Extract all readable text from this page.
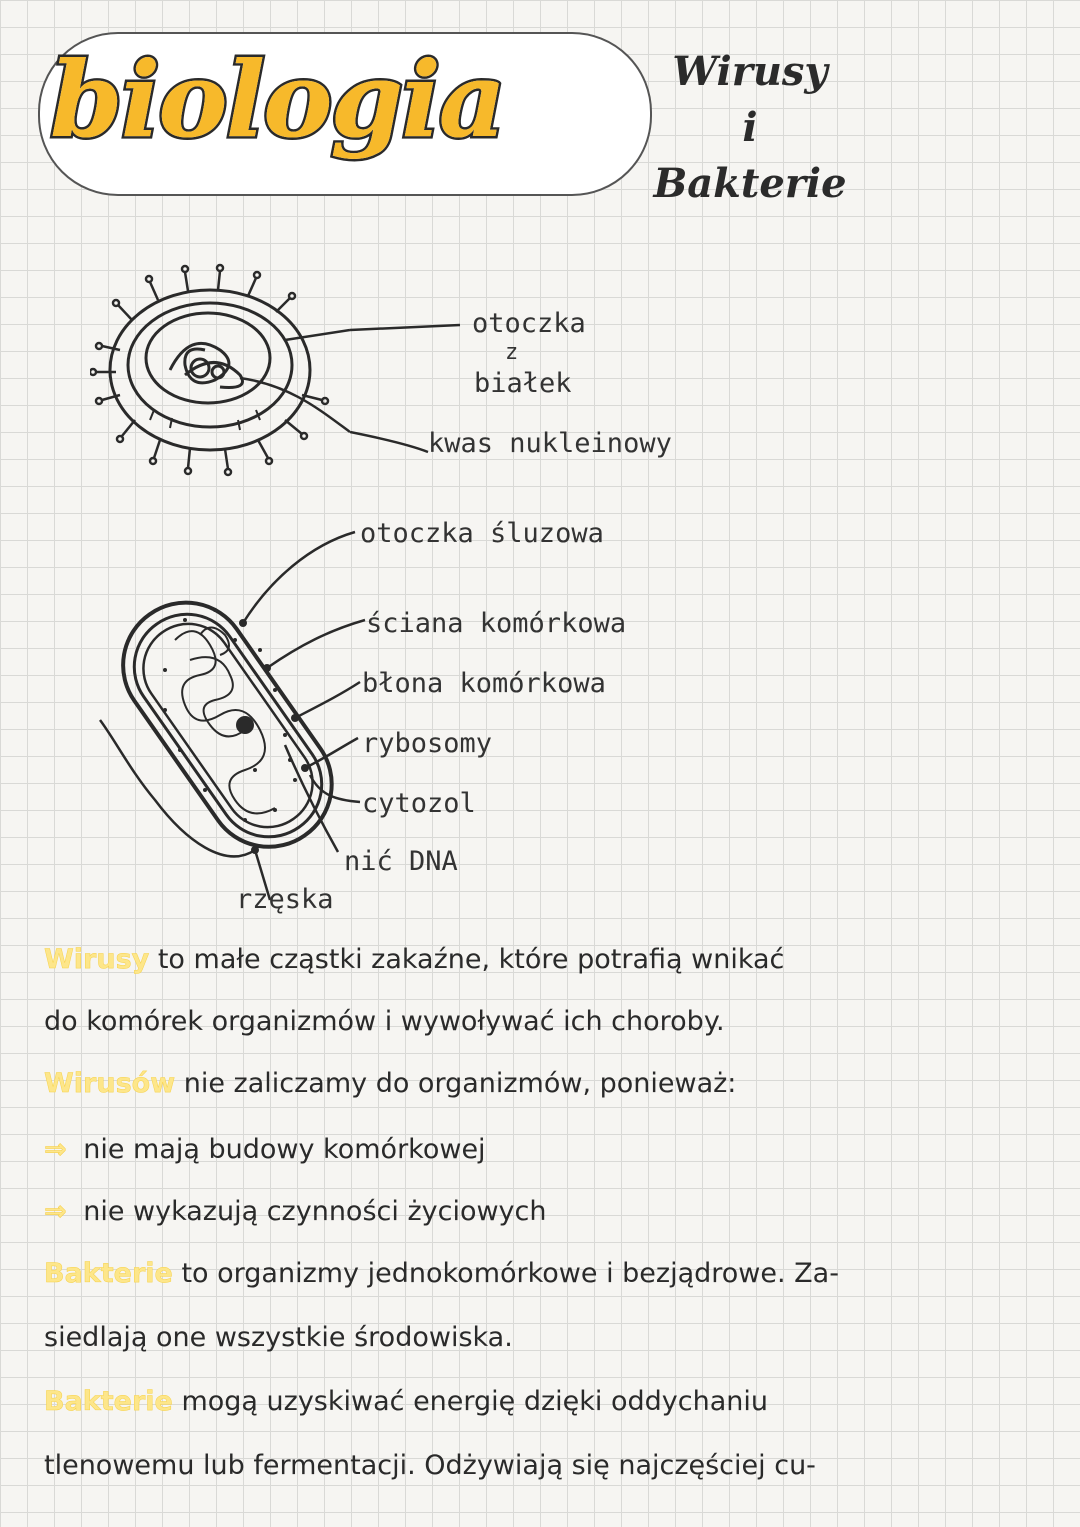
biologia	Wirusy
i
Bakterie
otoczka
z
białek
kwas nukleinowy
otoczka śluzowa
ściana komórkowa
błona komórkowa
rybosomy
cytozol
nić DNA
rzęska
Wirusy to małe cząstki zakaźne, które potrafią wnikać
do komórek organizmów i wywoływać ich choroby.
Wirusów nie zaliczamy do organizmów, ponieważ:
⇒ nie mają budowy komórkowej
⇒ nie wykazują czynności życiowych
Bakterie to organizmy jednokomórkowe i bezjądrowe. Za-
siedlają one wszystkie środowiska.
Bakterie mogą uzyskiwać energię dzięki oddychaniu
tlenowemu lub fermentacji. Odżywiają się najczęściej cu-
